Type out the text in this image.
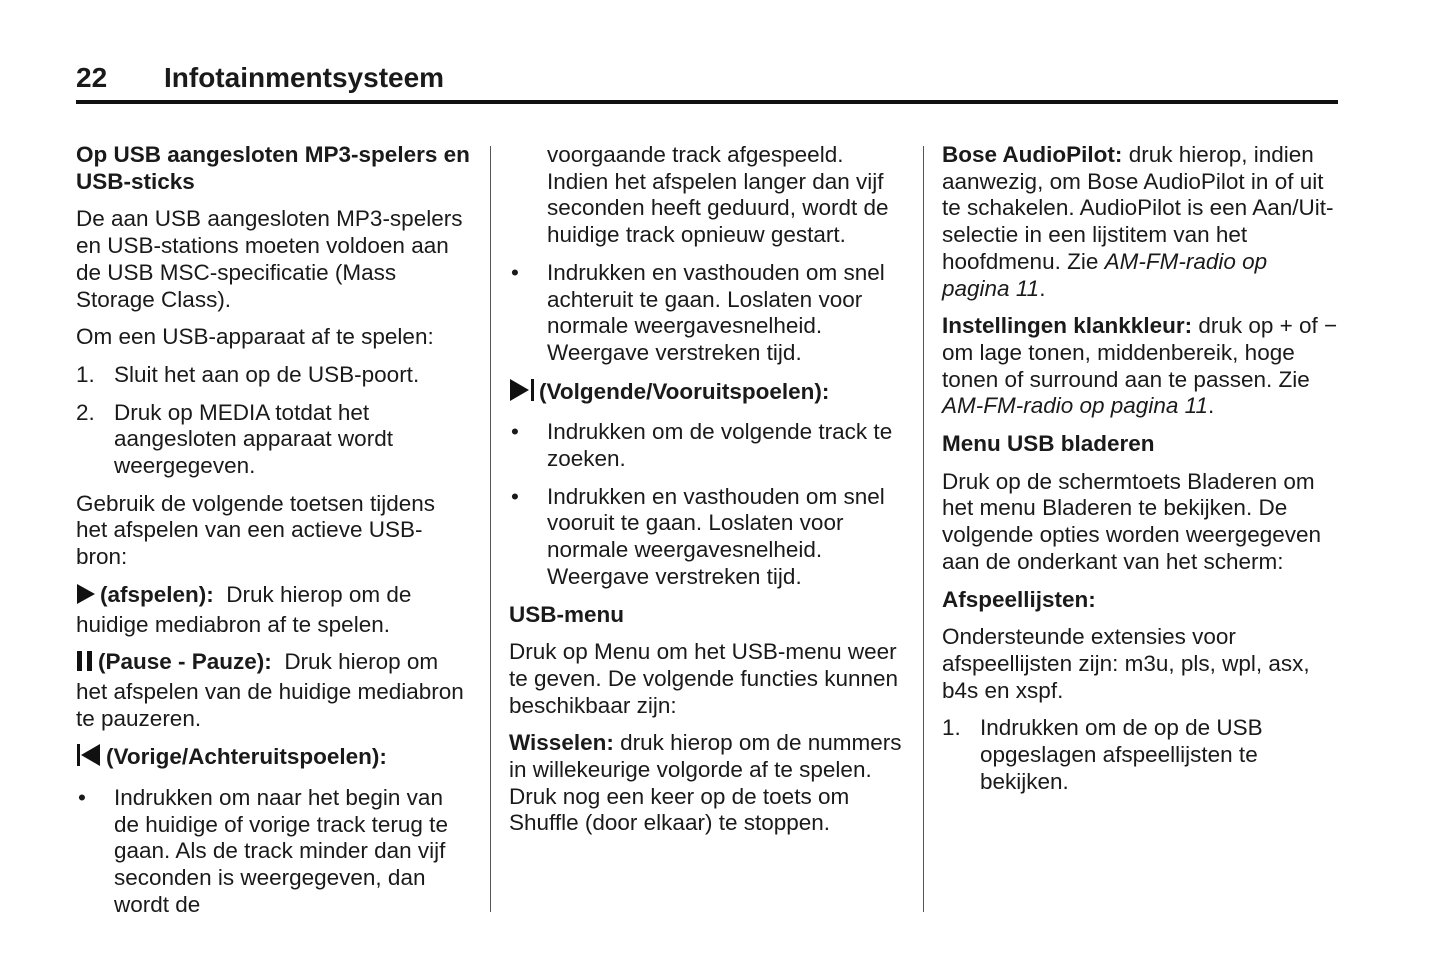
22 Infotainmentsysteem
Op USB aangesloten MP3-spelers en USB-sticks

De aan USB aangesloten MP3-spelers en USB-stations moeten voldoen aan de USB MSC-specificatie (Mass Storage Class).

Om een USB-apparaat af te spelen:

1. Sluit het aan op de USB-poort.
2. Druk op MEDIA totdat het aangesloten apparaat wordt weergegeven.

Gebruik de volgende toetsen tijdens het afspelen van een actieve USB-bron:

(afspelen): Druk hierop om de huidige mediabron af te spelen.

(Pause - Pauze): Druk hierop om het afspelen van de huidige mediabron te pauzeren.

(Vorige/Achteruitspoelen):

• Indrukken om naar het begin van de huidige of vorige track terug te gaan. Als de track minder dan vijf seconden is weergegeven, dan wordt de
voorgaande track afgespeeld. Indien het afspelen langer dan vijf seconden heeft geduurd, wordt de huidige track opnieuw gestart.
• Indrukken en vasthouden om snel achteruit te gaan. Loslaten voor normale weergavesnelheid. Weergave verstreken tijd.

(Volgende/Vooruitspoelen):

• Indrukken om de volgende track te zoeken.
• Indrukken en vasthouden om snel vooruit te gaan. Loslaten voor normale weergavesnelheid. Weergave verstreken tijd.
USB-menu

Druk op Menu om het USB-menu weer te geven. De volgende functies kunnen beschikbaar zijn:

Wisselen: druk hierop om de nummers in willekeurige volgorde af te spelen. Druk nog een keer op de toets om Shuffle (door elkaar) te stoppen.

Bose AudioPilot: druk hierop, indien aanwezig, om Bose AudioPilot in of uit te schakelen. AudioPilot is een Aan/Uit-selectie in een lijstitem van het hoofdmenu. Zie AM-FM-radio op pagina 11.

Instellingen klankkleur: druk op + of − om lage tonen, middenbereik, hoge tonen of surround aan te passen. Zie AM-FM-radio op pagina 11.

Menu USB bladeren

Druk op de schermtoets Bladeren om het menu Bladeren te bekijken. De volgende opties worden weergegeven aan de onderkant van het scherm:

Afspeellijsten:

Ondersteunde extensies voor afspeellijsten zijn: m3u, pls, wpl, asx, b4s en xspf.

1. Indrukken om de op de USB opgeslagen afspeellijsten te bekijken.
